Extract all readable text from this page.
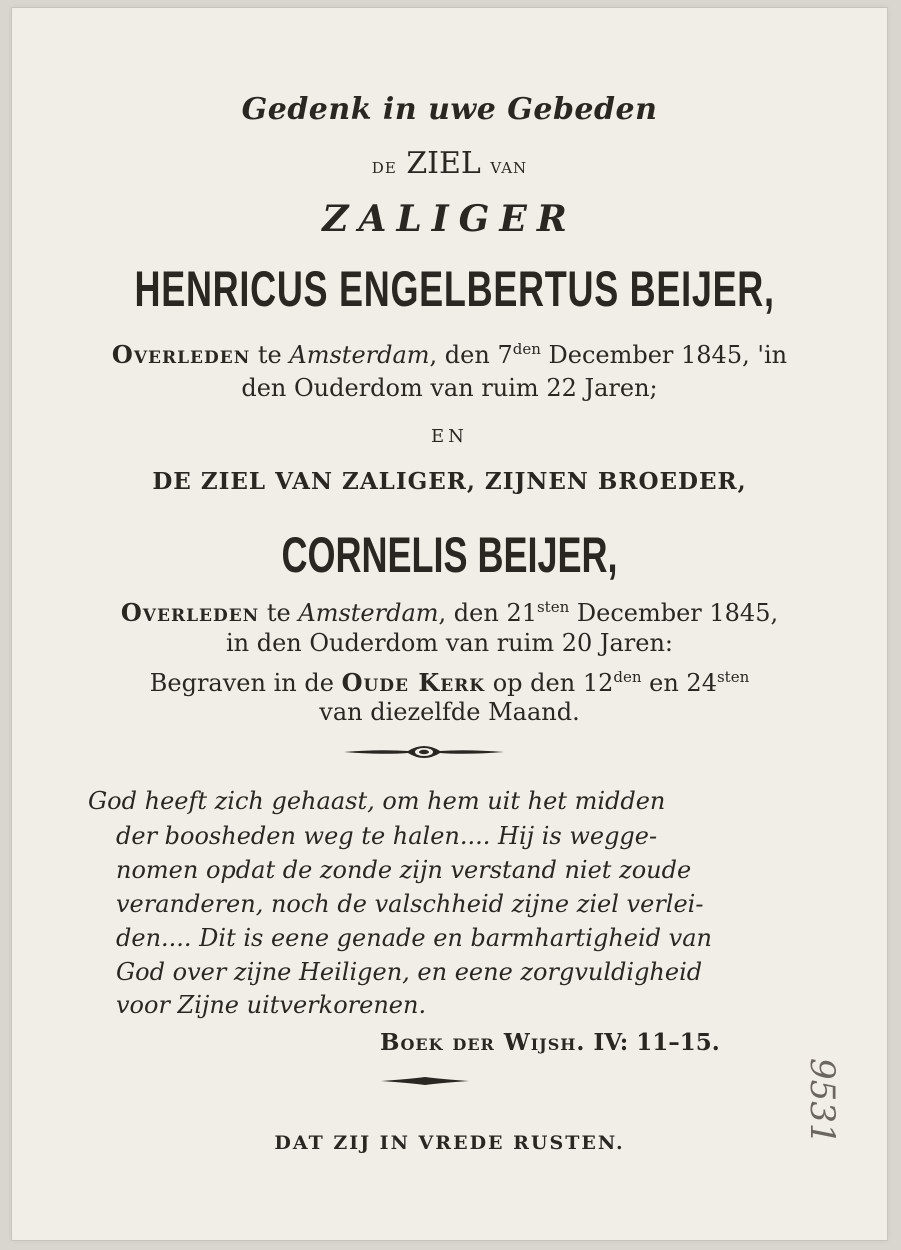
Gedenk in uwe Gebeden
de ZIEL van
ZALIGER
HENRICUS ENGELBERTUS BEIJER,
Overleden te Amsterdam, den $7^{den}$ December 1845, 'in
den Ouderdom van ruim 22 Jaren;
EN
DE ZIEL VAN ZALIGER, ZIJNEN BROEDER,
CORNELIS BEIJER,
Overleden te Amsterdam, den $21^{sten}$ December 1845,
in den Ouderdom van ruim 20 Jaren:
Begraven in de Oude Kerk op den $12^{den}$ en $24^{sten}$
van diezelfde Maand.
God heeft zich gehaast, om hem uit het midden
der boosheden weg te halen.... Hij is wegge-
nomen opdat de zonde zijn verstand niet zoude
veranderen, noch de valschheid zijne ziel verlei-
den.... Dit is eene genade en barmhartigheid van
God over zijne Heiligen, en eene zorgvuldigheid
voor Zijne uitverkorenen.
Boek der Wijsh. IV: 11–15.
DAT ZIJ IN VREDE RUSTEN.	9531
